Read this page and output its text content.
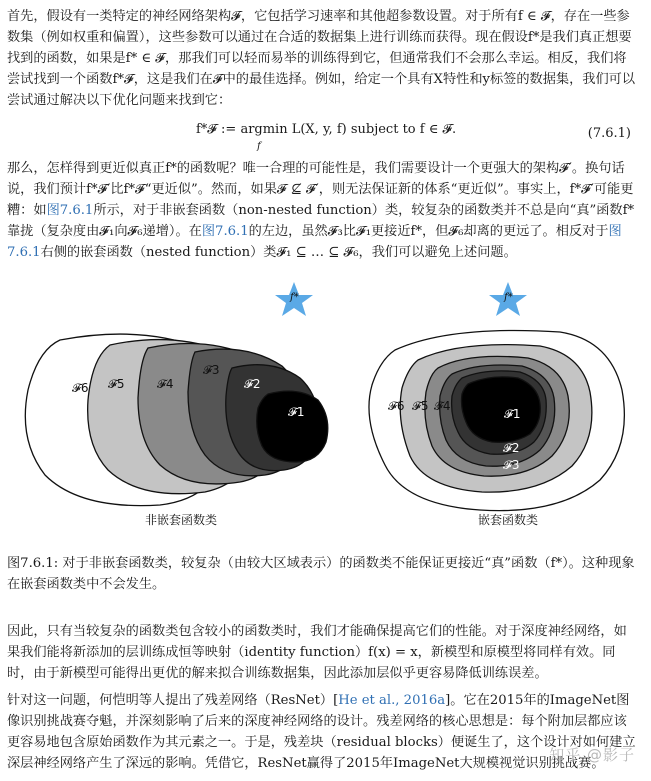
首先，假设有一类特定的神经网络架构𝓕，它包括学习速率和其他超参数设置。对于所有f ∈ 𝓕，存在一些参数集（例如权重和偏置），这些参数可以通过在合适的数据集上进行训练而获得。现在假设f*是我们真正想要找到的函数，如果是f* ∈ 𝓕，那我们可以轻而易举的训练得到它，但通常我们不会那么幸运。相反，我们将尝试找到一个函数f*𝓕，这是我们在𝓕中的最佳选择。例如，给定一个具有X特性和y标签的数据集，我们可以尝试通过解决以下优化问题来找到它：

f*𝓕 := argmin L(X, y, f) subject to f ∈ 𝓕.
f
(7.6.1)

那么，怎样得到更近似真正f*的函数呢？唯一合理的可能性是，我们需要设计一个更强大的架构𝓕′。换句话说，我们预计f*𝓕′比f*𝓕“更近似”。然而，如果𝓕 ⊈ 𝓕′，则无法保证新的体系“更近似”。事实上，f*𝓕′可能更糟：如图7.6.1所示，对于非嵌套函数（non-nested function）类，较复杂的函数类并不总是向“真”函数f*靠拢（复杂度由𝓕₁向𝓕₆递增）。在图7.6.1的左边，虽然𝓕₃比𝓕₁更接近f*，但𝓕₆却离的更远了。相反对于图7.6.1右侧的嵌套函数（nested function）类𝓕₁ ⊆ … ⊆ 𝓕₆，我们可以避免上述问题。

f*	f*
𝓕6 𝓕5	𝓕4
𝓕3
𝓕2
𝓕1
非嵌套函数类
𝓕6 𝓕5 𝓕4
𝓕3
𝓕2
𝓕1
嵌套函数类

图7.6.1: 对于非嵌套函数类，较复杂（由较大区域表示）的函数类不能保证更接近“真”函数（f*）。这种现象在嵌套函数类中不会发生。

因此，只有当较复杂的函数类包含较小的函数类时，我们才能确保提高它们的性能。对于深度神经网络，如果我们能将新添加的层训练成恒等映射（identity function）f(x) = x，新模型和原模型将同样有效。同时，由于新模型可能得出更优的解来拟合训练数据集，因此添加层似乎更容易降低训练误差。

针对这一问题，何恺明等人提出了残差网络（ResNet）[He et al., 2016a]。它在2015年的ImageNet图像识别挑战赛夺魁，并深刻影响了后来的深度神经网络的设计。残差网络的核心思想是：每个附加层都应该更容易地包含原始函数作为其元素之一。于是，残差块（residual blocks）便诞生了，这个设计对如何建立深层神经网络产生了深远的影响。凭借它，ResNet赢得了2015年ImageNet大规模视觉识别挑战赛。

知乎 @影子
